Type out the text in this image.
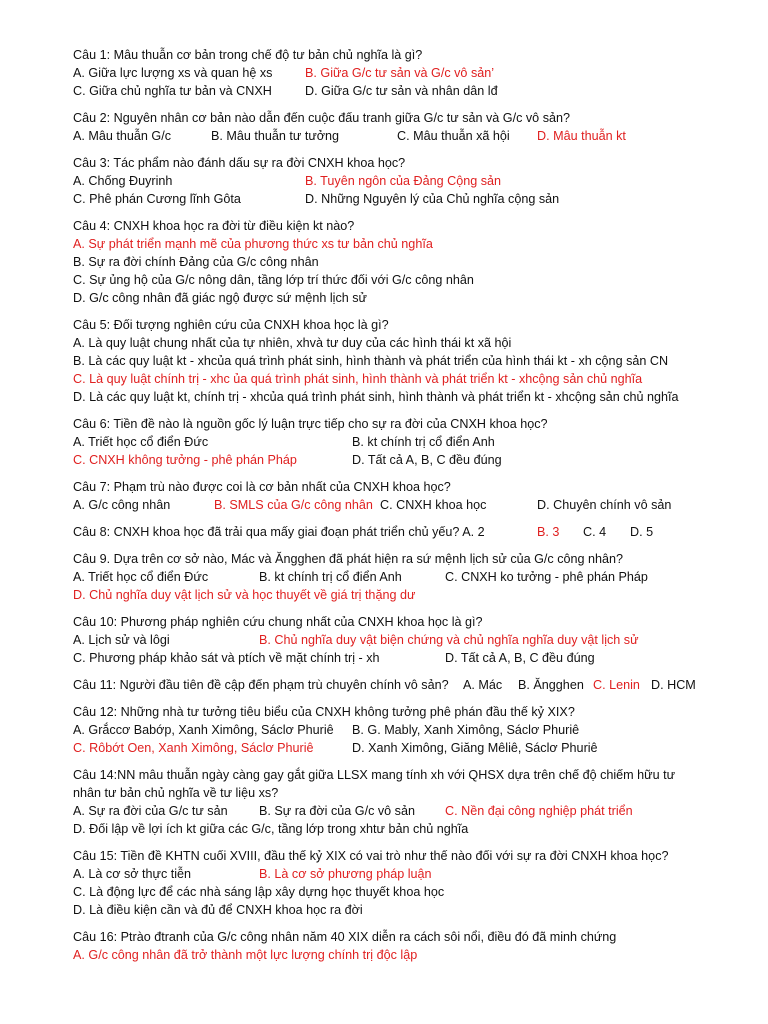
Câu 1: Mâu thuẫn cơ bản trong chế độ tư bản chủ nghĩa là gì?
A. Giữa lực lượng xs và quan hệ xs	B. Giữa G/c tư sản và G/c vô sản’
C. Giữa chủ nghĩa tư bản và CNXH	D. Giữa G/c tư sản và nhân dân lđ
Câu 2: Nguyên nhân cơ bản nào dẫn đến cuộc đấu tranh giữa G/c tư sản và G/c vô sản?
A. Mâu thuẫn G/c	B. Mâu thuẫn tư tưởng	C. Mâu thuẫn xã hội D. Mâu thuẫn kt
Câu 3: Tác phẩm nào đánh dấu sự ra đời CNXH khoa học?
A. Chống Đuyrinh	B. Tuyên ngôn của Đảng Cộng sản
C. Phê phán Cương lĩnh Gôta	D. Những Nguyên lý của Chủ nghĩa cộng sản
Câu 4: CNXH khoa học ra đời từ điều kiện kt nào?
A. Sự phát triển mạnh mẽ của phương thức xs tư bản chủ nghĩa
B. Sự ra đời chính Đảng của G/c công nhân
C. Sự ủng hộ của G/c nông dân, tầng lớp trí thức đối với G/c công nhân
D. G/c công nhân đã giác ngộ được sứ mệnh lịch sử
Câu 5: Đối tượng nghiên cứu của CNXH khoa học là gì?
A. Là quy luật chung nhất của tự nhiên, xhvà tư duy của các hình thái kt xã hội
B. Là các quy luật kt - xhcủa quá trình phát sinh, hình thành và phát triển của hình thái kt - xh cộng sản CN
C. Là quy luật chính trị - xhc ủa quá trình phát sinh, hình thành và phát triển kt - xhcộng sản chủ nghĩa
D. Là các quy luật kt, chính trị - xhcủa quá trình phát sinh, hình thành và phát triển kt - xhcộng sản chủ nghĩa
Câu 6: Tiền đề nào là nguồn gốc lý luận trực tiếp cho sự ra đời của CNXH khoa học?
A. Triết học cổ điển Đức	B. kt chính trị cổ điển Anh
C. CNXH không tưởng - phê phán Pháp	D. Tất cả A, B, C đều đúng
Câu 7: Phạm trù nào được coi là cơ bản nhất của CNXH khoa học?
A. G/c công nhân	B. SMLS của G/c công nhân C. CNXH khoa học	D. Chuyên chính vô sản
Câu 8: CNXH khoa học đã trải qua mấy giai đoạn phát triển chủ yếu? A. 2	B. 3 C. 4 D. 5
Câu 9. Dựa trên cơ sở nào, Mác và Ăngghen đã phát hiện ra sứ mệnh lịch sử của G/c công nhân?
A. Triết học cổ điển Đức	B. kt chính trị cổ điển Anh	C. CNXH ko tưởng - phê phán Pháp
D. Chủ nghĩa duy vật lịch sử và học thuyết về giá trị thặng dư
Câu 10: Phương pháp nghiên cứu chung nhất của CNXH khoa học là gì?
A. Lịch sử và lôgi	B. Chủ nghĩa duy vật biện chứng và chủ nghĩa nghĩa duy vật lịch sử
C. Phương pháp khảo sát và ptích về mặt chính trị - xh	D. Tất cả A, B, C đều đúng
Câu 11: Người đầu tiên đề cập đến phạm trù chuyên chính vô sản? A. Mác B. Ăngghen C. Lenin D. HCM
Câu 12: Những nhà tư tưởng tiêu biểu của CNXH không tưởng phê phán đầu thế kỷ XIX?
A. Grắccơ Babớp, Xanh Ximông, Sáclơ Phuriê B. G. Mably, Xanh Ximông, Sáclơ Phuriê
C. Rôbớt Oen, Xanh Ximông, Sáclơ Phuriê	D. Xanh Ximông, Giăng Mêliê, Sáclơ Phuriê
Câu 14:NN mâu thuẫn ngày càng gay gắt giữa LLSX mang tính xh với QHSX dựa trên chế độ chiếm hữu tư
nhân tư bản chủ nghĩa về tư liệu xs?
A. Sự ra đời của G/c tư sản B. Sự ra đời của G/c vô sản C. Nền đại công nghiệp phát triển
D. Đối lập về lợi ích kt giữa các G/c, tầng lớp trong xhtư bản chủ nghĩa
Câu 15: Tiền đề KHTN cuối XVIII, đầu thế kỷ XIX có vai trò như thế nào đối với sự ra đời CNXH khoa học?
A. Là cơ sở thực tiễn	B. Là cơ sở phương pháp luận
C. Là động lực để các nhà sáng lập xây dựng học thuyết khoa học
D. Là điều kiện cần và đủ để CNXH khoa học ra đời
Câu 16: Ptrào đtranh của G/c công nhân năm 40 XIX diễn ra cách sôi nổi, điều đó đã minh chứng
A. G/c công nhân đã trở thành một lực lượng chính trị độc lập
